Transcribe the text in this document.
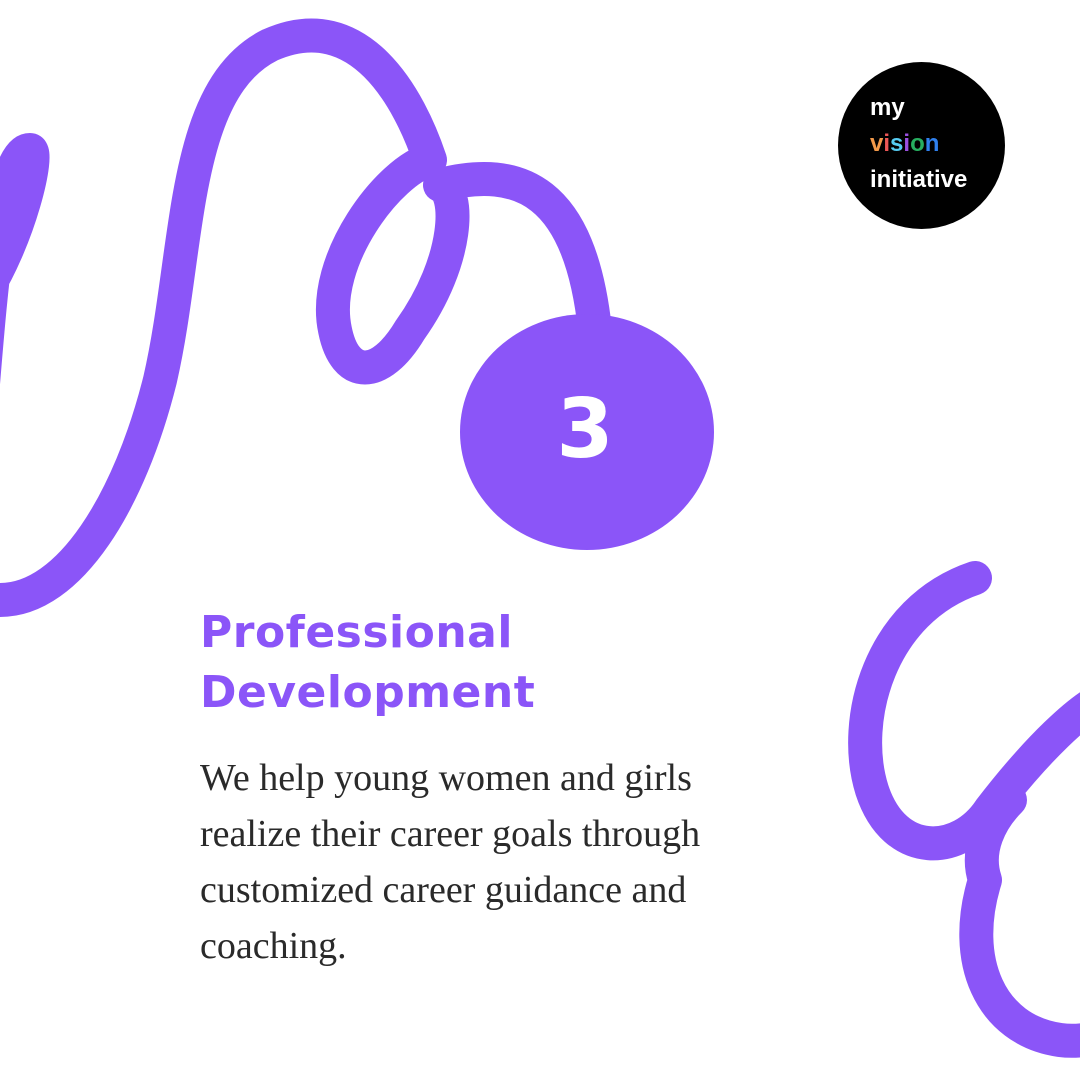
3
my
vision
initiative
Professional
Development

We help young women and girls realize their career goals through customized career guidance and coaching.
